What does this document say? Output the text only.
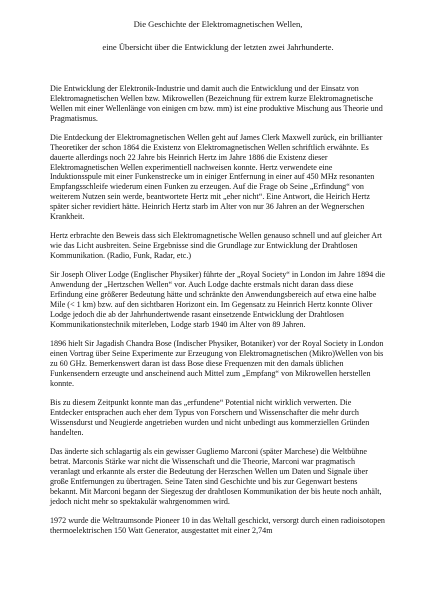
Die Geschichte der Elektromagnetischen Wellen,
eine Übersicht über die Entwicklung der letzten zwei Jahrhunderte.

Die Entwicklung der Elektronik-Industrie und damit auch die Entwicklung und der Einsatz von Elektromagnetischen Wellen bzw. Mikrowellen (Bezeichnung für extrem kurze Elektromagnetische Wellen mit einer Wellenlänge von einigen cm bzw. mm) ist eine produktive Mischung aus Theorie und Pragmatismus.

Die Entdeckung der Elektromagnetischen Wellen geht auf James Clerk Maxwell zurück, ein brillianter Theoretiker der schon 1864 die Existenz von Elektromagnetischen Wellen schriftlich erwähnte. Es dauerte allerdings noch 22 Jahre bis Heinrich Hertz im Jahre 1886 die Existenz dieser Elektromagnetischen Wellen experimentiell nachweisen konnte. Hertz verwendete eine Induktionsspule mit einer Funkenstrecke um in einiger Entfernung in einer auf 450 MHz resonanten Empfangsschleife wiederum einen Funken zu erzeugen. Auf die Frage ob Seine „Erfindung“ von weiterem Nutzen sein werde, beantwortete Hertz mit „eher nicht“. Eine Antwort, die Heirich Hertz später sicher revidiert hätte. Heinrich Hertz starb im Alter von nur 36 Jahren an der Wegnerschen Krankheit.

Hertz erbrachte den Beweis dass sich Elektromagnetische Wellen genauso schnell und auf gleicher Art wie das Licht ausbreiten. Seine Ergebnisse sind die Grundlage zur Entwicklung der Drahtlosen Kommunikation. (Radio, Funk, Radar, etc.)

Sir Joseph Oliver Lodge (Englischer Physiker) führte der „Royal Society“ in London im Jahre 1894 die Anwendung der „Hertzschen Wellen“ vor. Auch Lodge dachte erstmals nicht daran dass diese Erfindung eine größerer Bedeutung hätte und schränkte den Anwendungsbereich auf etwa eine halbe Mile (< 1 km) bzw. auf den sichtbaren Horizont ein. Im Gegensatz zu Heinrich Hertz konnte Oliver Lodge jedoch die ab der Jahrhundertwende rasant einsetzende Entwicklung der Drahtlosen Kommunikationstechnik miterleben, Lodge starb 1940 im Alter von 89 Jahren.

1896 hielt Sir Jagadish Chandra Bose (Indischer Physiker, Botaniker) vor der Royal Society in London einen Vortrag über Seine Experimente zur Erzeugung von Elektromagnetischen (Mikro)Wellen von bis zu 60 GHz. Bemerkenswert daran ist dass Bose diese Frequenzen mit den damals üblichen Funkensendern erzeugte und anscheinend auch Mittel zum „Empfang“ von Mikrowellen herstellen konnte.

Bis zu diesem Zeitpunkt konnte man das „erfundene“ Potential nicht wirklich verwerten. Die Entdecker entsprachen auch eher dem Typus von Forschern und Wissenschafter die mehr durch Wissensdurst und Neugierde angetrieben wurden und nicht unbedingt aus kommerziellen Gründen handelten.

Das änderte sich schlagartig als ein gewisser Gugliemo Marconi (später Marchese) die Weltbühne betrat. Marconis Stärke war nicht die Wissenschaft und die Theorie, Marconi war pragmatisch veranlagt und erkannte als erster die Bedeutung der Herzschen Wellen um Daten und Signale über große Entfernungen zu übertragen. Seine Taten sind Geschichte und bis zur Gegenwart bestens bekannt. Mit Marconi begann der Siegeszug der drahtlosen Kommunikation der bis heute noch anhält, jedoch nicht mehr so spektakulär wahrgenommen wird.

1972 wurde die Weltraumsonde Pioneer 10 in das Weltall geschickt, versorgt durch einen radioisotopen thermoelektrischen 150 Watt Generator, ausgestattet mit einer 2,74m
